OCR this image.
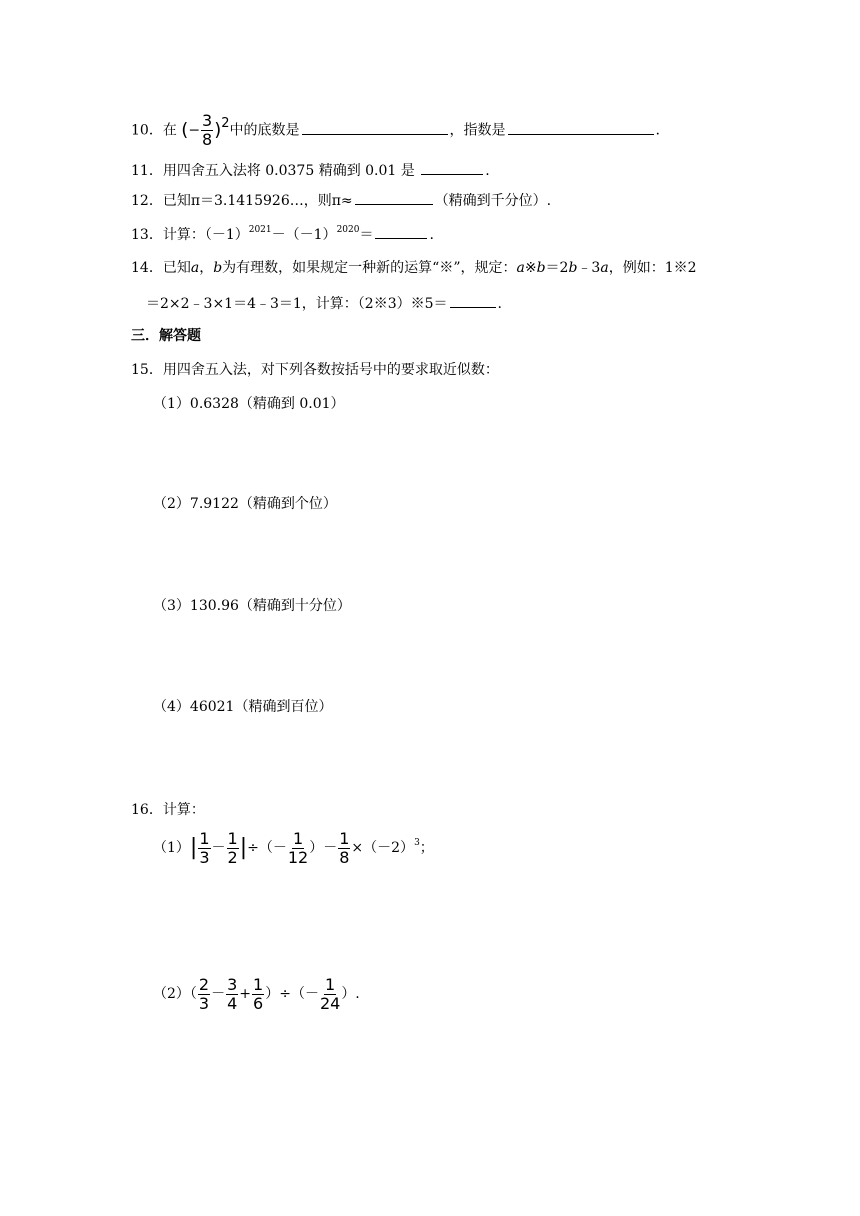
10．在 (− $\frac{3}{8} )2$中的底数是	，指数是	.
11．用四舍五入法将 0.0375 精确到 0.01 是	.
12．已知π＝3.1415926…，则π≈	（精确到千分位）.
13．计算：$(-1)^{2021}-(-1)^{2020}=$	.
14．已知a，b为有理数，如果规定一种新的运算“※”，规定：a※b＝2b﹣3a，例如：1※2
＝2×2﹣3×1＝4﹣3＝1，计算：（2※3）※5＝	.
三．解答题
15．用四舍五入法，对下列各数按括号中的要求取近似数：
（1）0.6328（精确到 0.01）
（2）7.9122（精确到个位）
（3）130.96（精确到十分位）
（4）46021（精确到百位）
16．计算：
$(1)| \frac{1}{3} - \frac{1}{2}$ |÷（－ $\frac{1}{12}$ ）－ $\frac{1}{8} \times(-2)^3$；
$(2)( \frac{2}{3} - \frac{3}{4} + \frac{1}{6}$ ）÷（－ $\frac{1}{24}$ ）.
